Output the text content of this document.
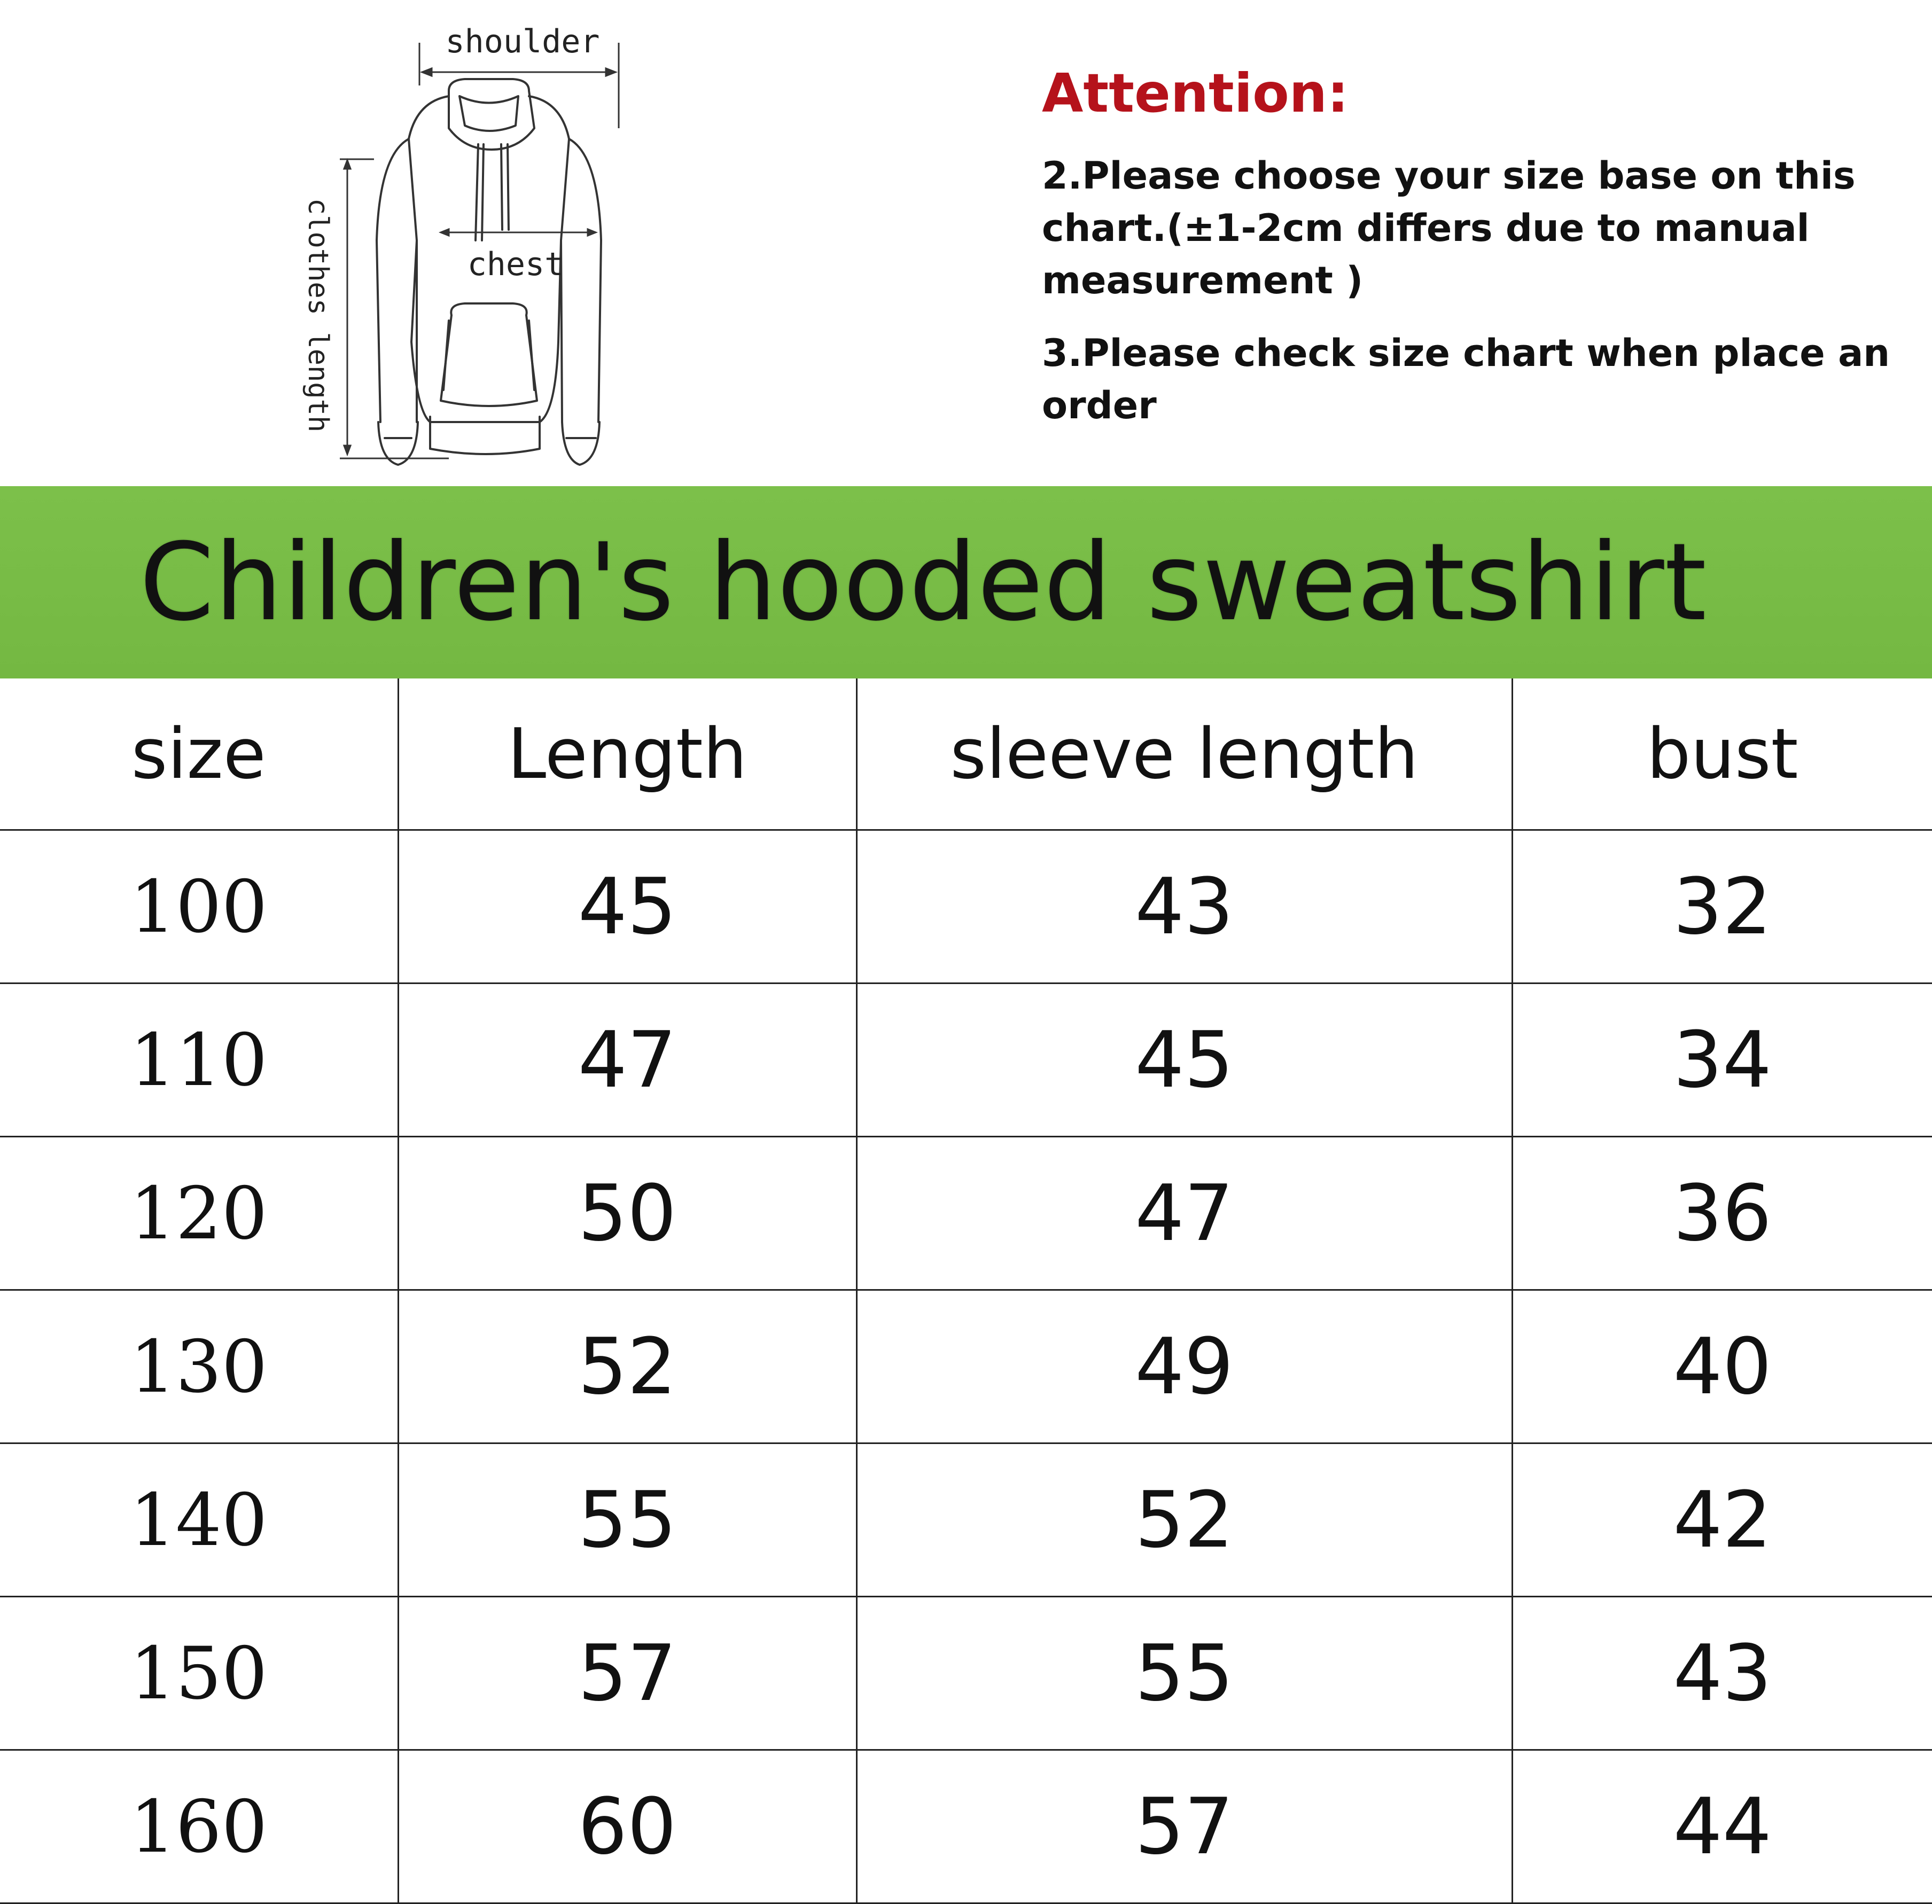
shoulder
chest
clothes length
Attention:
2.Please choose your size base on this chart.(±1-2cm differs due to manual measurement )
3.Please check size chart when place an order
Children's hooded sweatshirt
size	Length	sleeve length	bust
100	45	43	32
110	47	45	34
120	50	47	36
130	52	49	40
140	55	52	42
150	57	55	43
160	60	57	44
